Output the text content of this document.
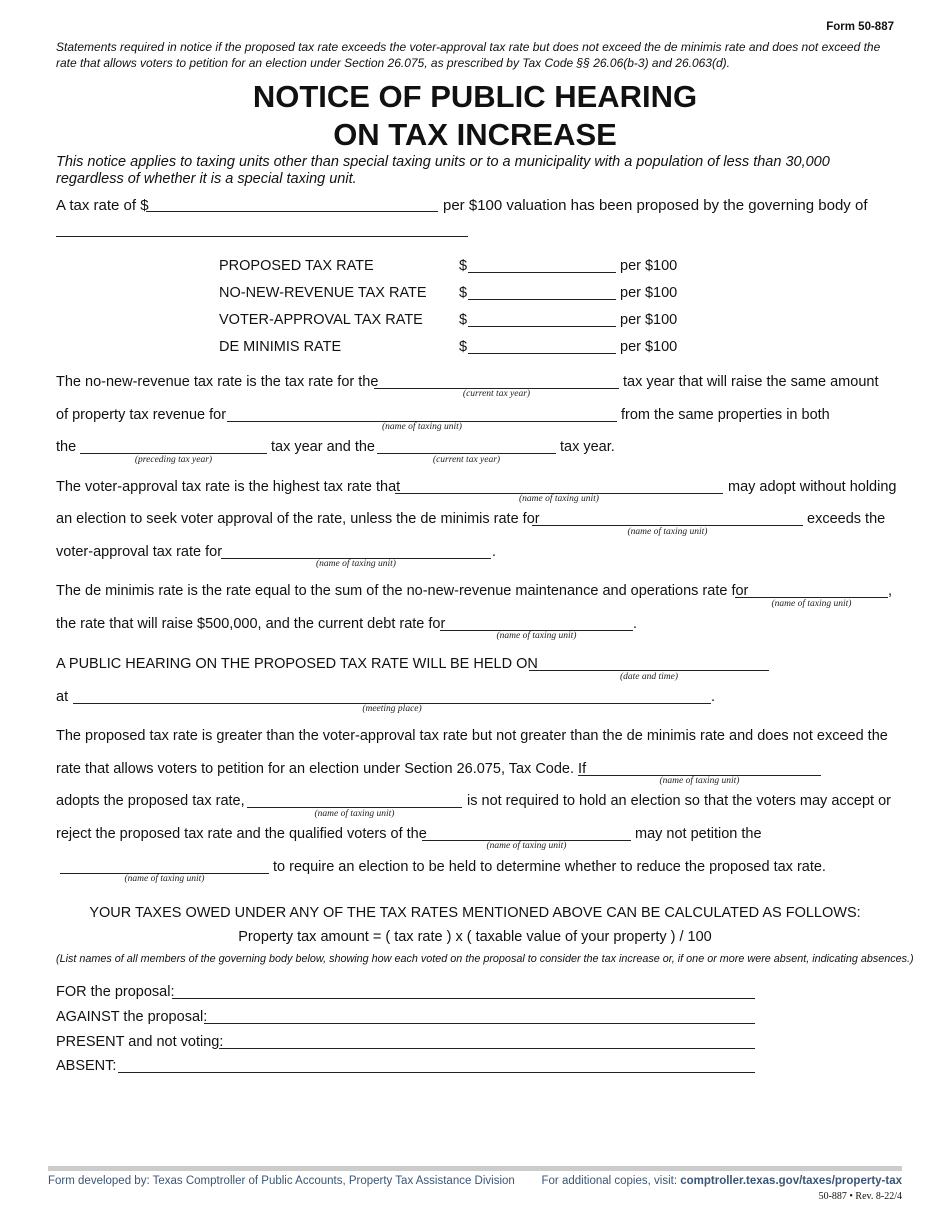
Form 50-887
Statements required in notice if the proposed tax rate exceeds the voter-approval tax rate but does not exceed the de minimis rate and does not exceed the rate that allows voters to petition for an election under Section 26.075, as prescribed by Tax Code §§ 26.06(b-3) and 26.063(d).
NOTICE OF PUBLIC HEARING
ON TAX INCREASE
This notice applies to taxing units other than special taxing units or to a municipality with a population of less than 30,000 regardless of whether it is a special taxing unit.
A tax rate of $	per $100 valuation has been proposed by the governing body of
PROPOSED TAX RATE	$	per $100
NO-NEW-REVENUE TAX RATE $	per $100
VOTER-APPROVAL TAX RATE $	per $100
DE MINIMIS RATE	$	per $100
The no-new-revenue tax rate is the tax rate for the
(current tax year)
tax year that will raise the same amount
of property tax revenue for
(name of taxing unit)
from the same properties in both
the
(preceding tax year)
tax year and the
(current tax year)
tax year.
The voter-approval tax rate is the highest tax rate that
(name of taxing unit)
may adopt without holding
an election to seek voter approval of the rate, unless the de minimis rate for
(name of taxing unit)
exceeds the
voter-approval tax rate for
(name of taxing unit)
.
The de minimis rate is the rate equal to the sum of the no-new-revenue maintenance and operations rate for
(name of taxing unit)
,
the rate that will raise $500,000, and the current debt rate for
(name of taxing unit)
.
A PUBLIC HEARING ON THE PROPOSED TAX RATE WILL BE HELD ON
(date and time)
at
(meeting place)
.
The proposed tax rate is greater than the voter-approval tax rate but not greater than the de minimis rate and does not exceed the
rate that allows voters to petition for an election under Section 26.075, Tax Code. If
(name of taxing unit)
adopts the proposed tax rate,
(name of taxing unit)
is not required to hold an election so that the voters may accept or
reject the proposed tax rate and the qualified voters of the
(name of taxing unit)
may not petition the
(name of taxing unit)
to require an election to be held to determine whether to reduce the proposed tax rate.
YOUR TAXES OWED UNDER ANY OF THE TAX RATES MENTIONED ABOVE CAN BE CALCULATED AS FOLLOWS:
Property tax amount = ( tax rate ) x ( taxable value of your property ) / 100
(List names of all members of the governing body below, showing how each voted on the proposal to consider the tax increase or, if one or more were absent, indicating absences.)
FOR the proposal:
AGAINST the proposal:
PRESENT and not voting:
ABSENT:
Form developed by: Texas Comptroller of Public Accounts, Property Tax Assistance Division For additional copies, visit: comptroller.texas.gov/taxes/property-tax
50-887 • Rev. 8-22/4
